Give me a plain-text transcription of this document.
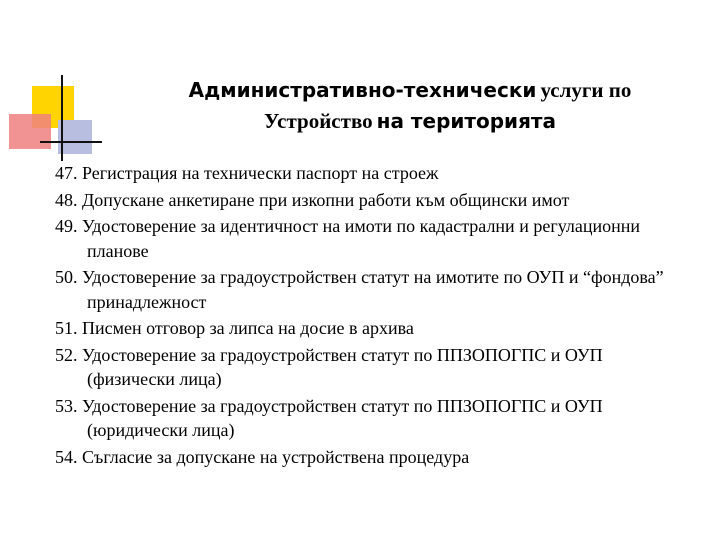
Административно-технически услуги по
Устройство на територията
47. Регистрация на технически паспорт на строеж
48. Допускане анкетиране при изкопни работи към общински имот
49. Удостоверение за идентичност на имоти по кадастрални и регулационни планове
50. Удостоверение за градоустройствен статут на имотите по ОУП и “фондова” принадлежност
51. Писмен отговор за липса на досие в архива
52. Удостоверение за градоустройствен статут по ППЗОПОГПС и ОУП (физически лица)
53. Удостоверение за градоустройствен статут по ППЗОПОГПС и ОУП (юридически лица)
54. Съгласие за допускане на устройствена процедура
